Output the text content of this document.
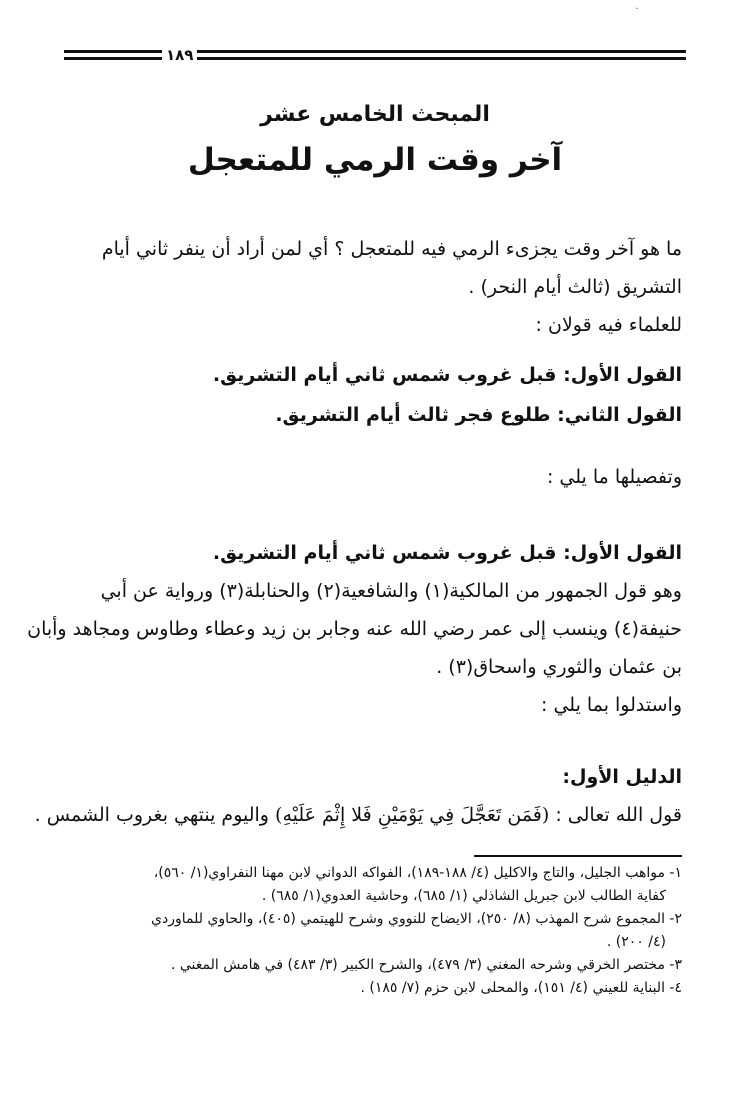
١٨٩
˙
المبحث الخامس عشر
آخر وقت الرمي للمتعجل
ما هو آخر وقت يجزىء الرمي فيه للمتعجل ؟ أي لمن أراد أن ينفر ثاني أيام
التشريق (ثالث أيام النحر) .
للعلماء فيه قولان :
القول الأول: قبل غروب شمس ثاني أيام التشريق.
القول الثاني: طلوع فجر ثالث أيام التشريق.
وتفصيلها ما يلي :
القول الأول: قبل غروب شمس ثاني أيام التشريق.
وهو قول الجمهور من المالكية(١) والشافعية(٢) والحنابلة(٣) ورواية عن أبي
حنيفة(٤) وينسب إلى عمر رضي الله عنه وجابر بن زيد وعطاء وطاوس ومجاهد وأبان
بن عثمان والثوري واسحاق(٣) .
واستدلوا بما يلي :
الدليل الأول:
قول الله تعالى : (فَمَن تَعَجَّلَ فِي يَوْمَيْنِ فَلا إِثْمَ عَلَيْهِ) واليوم ينتهي بغروب الشمس .
١- مواهب الجليل، والتاج والاكليل (٤/ ١٨٨-١٨٩)، الفواكه الدواني لابن مهنا النفراوي(١/ ٥٦٠)،
كفاية الطالب لابن جبريل الشاذلي (١/ ٦٨٥)، وحاشية العدوي(١/ ٦٨٥) .
٢- المجموع شرح المهذب (٨/ ٢٥٠)، الايضاح للنووي وشرح للهيتمي (٤٠٥)، والحاوي للماوردي
(٤/ ٢٠٠) .
٣- مختصر الخرقي وشرحه المغني (٣/ ٤٧٩)، والشرح الكبير (٣/ ٤٨٣) في هامش المغني .
٤- البناية للعيني (٤/ ١٥١)، والمحلى لابن حزم (٧/ ١٨٥) .
